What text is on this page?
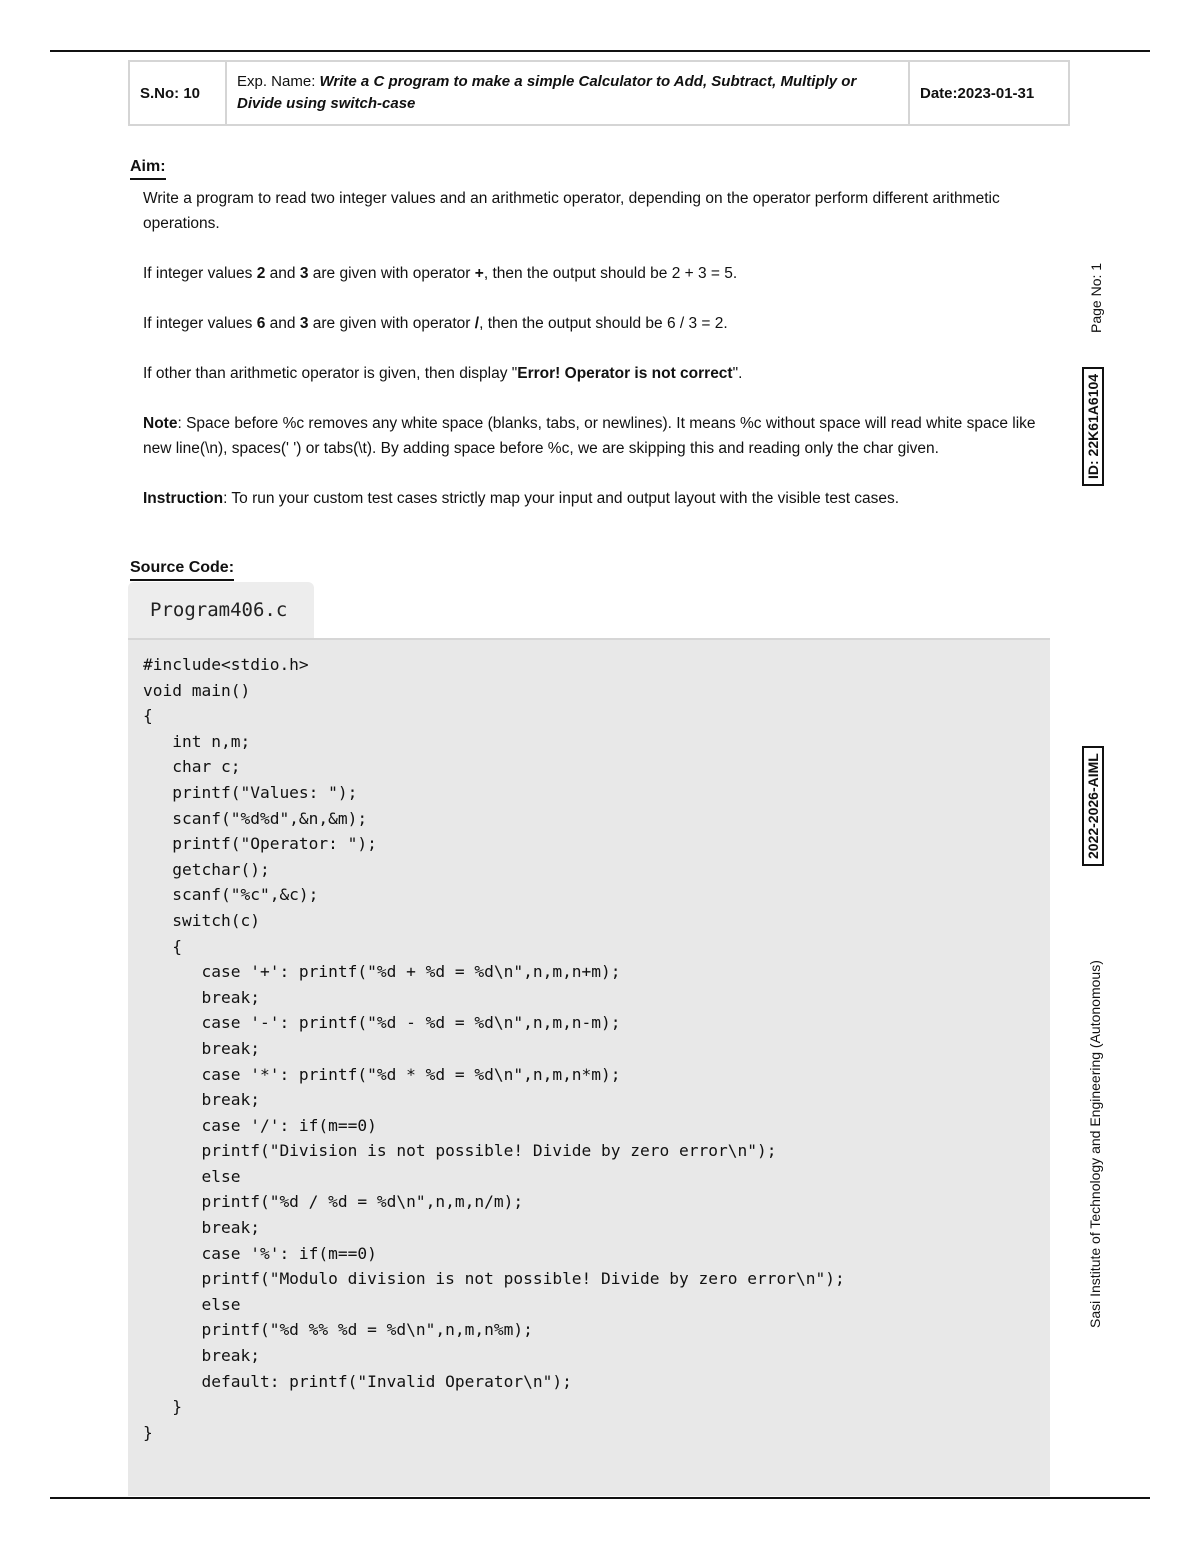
S.No: 10	Exp. Name: Write a C program to make a simple Calculator to Add, Subtract, Multiply or Divide using switch-case	Date:2023-01-31
Aim:

Write a program to read two integer values and an arithmetic operator, depending on the operator perform different arithmetic operations.

If integer values 2 and 3 are given with operator +, then the output should be 2 + 3 = 5.

If integer values 6 and 3 are given with operator /, then the output should be 6 / 3 = 2.

If other than arithmetic operator is given, then display "Error! Operator is not correct".

Note: Space before %c removes any white space (blanks, tabs, or newlines). It means %c without space will read white space like new line(\n), spaces(' ') or tabs(\t). By adding space before %c, we are skipping this and reading only the char given.

Instruction: To run your custom test cases strictly map your input and output layout with the visible test cases.

Source Code:
Program406.c
#include<stdio.h>
void main()
{
int n,m;
char c;
printf("Values: ");
scanf("%d%d",&n,&m);
printf("Operator: ");
getchar();
scanf("%c",&c);
switch(c)
{
case '+': printf("%d + %d = %d\n",n,m,n+m);
break;
case '-': printf("%d - %d = %d\n",n,m,n-m);
break;
case '*': printf("%d * %d = %d\n",n,m,n*m);
break;
case '/': if(m==0)
printf("Division is not possible! Divide by zero error\n");
else
printf("%d / %d = %d\n",n,m,n/m);
break;
case '%': if(m==0)
printf("Modulo division is not possible! Divide by zero error\n");
else
printf("%d %% %d = %d\n",n,m,n%m);
break;
default: printf("Invalid Operator\n");
}
}
Page No: 1
ID: 22K61A6104
2022-2026-AIML
Sasi Institute of Technology and Engineering (Autonomous)
